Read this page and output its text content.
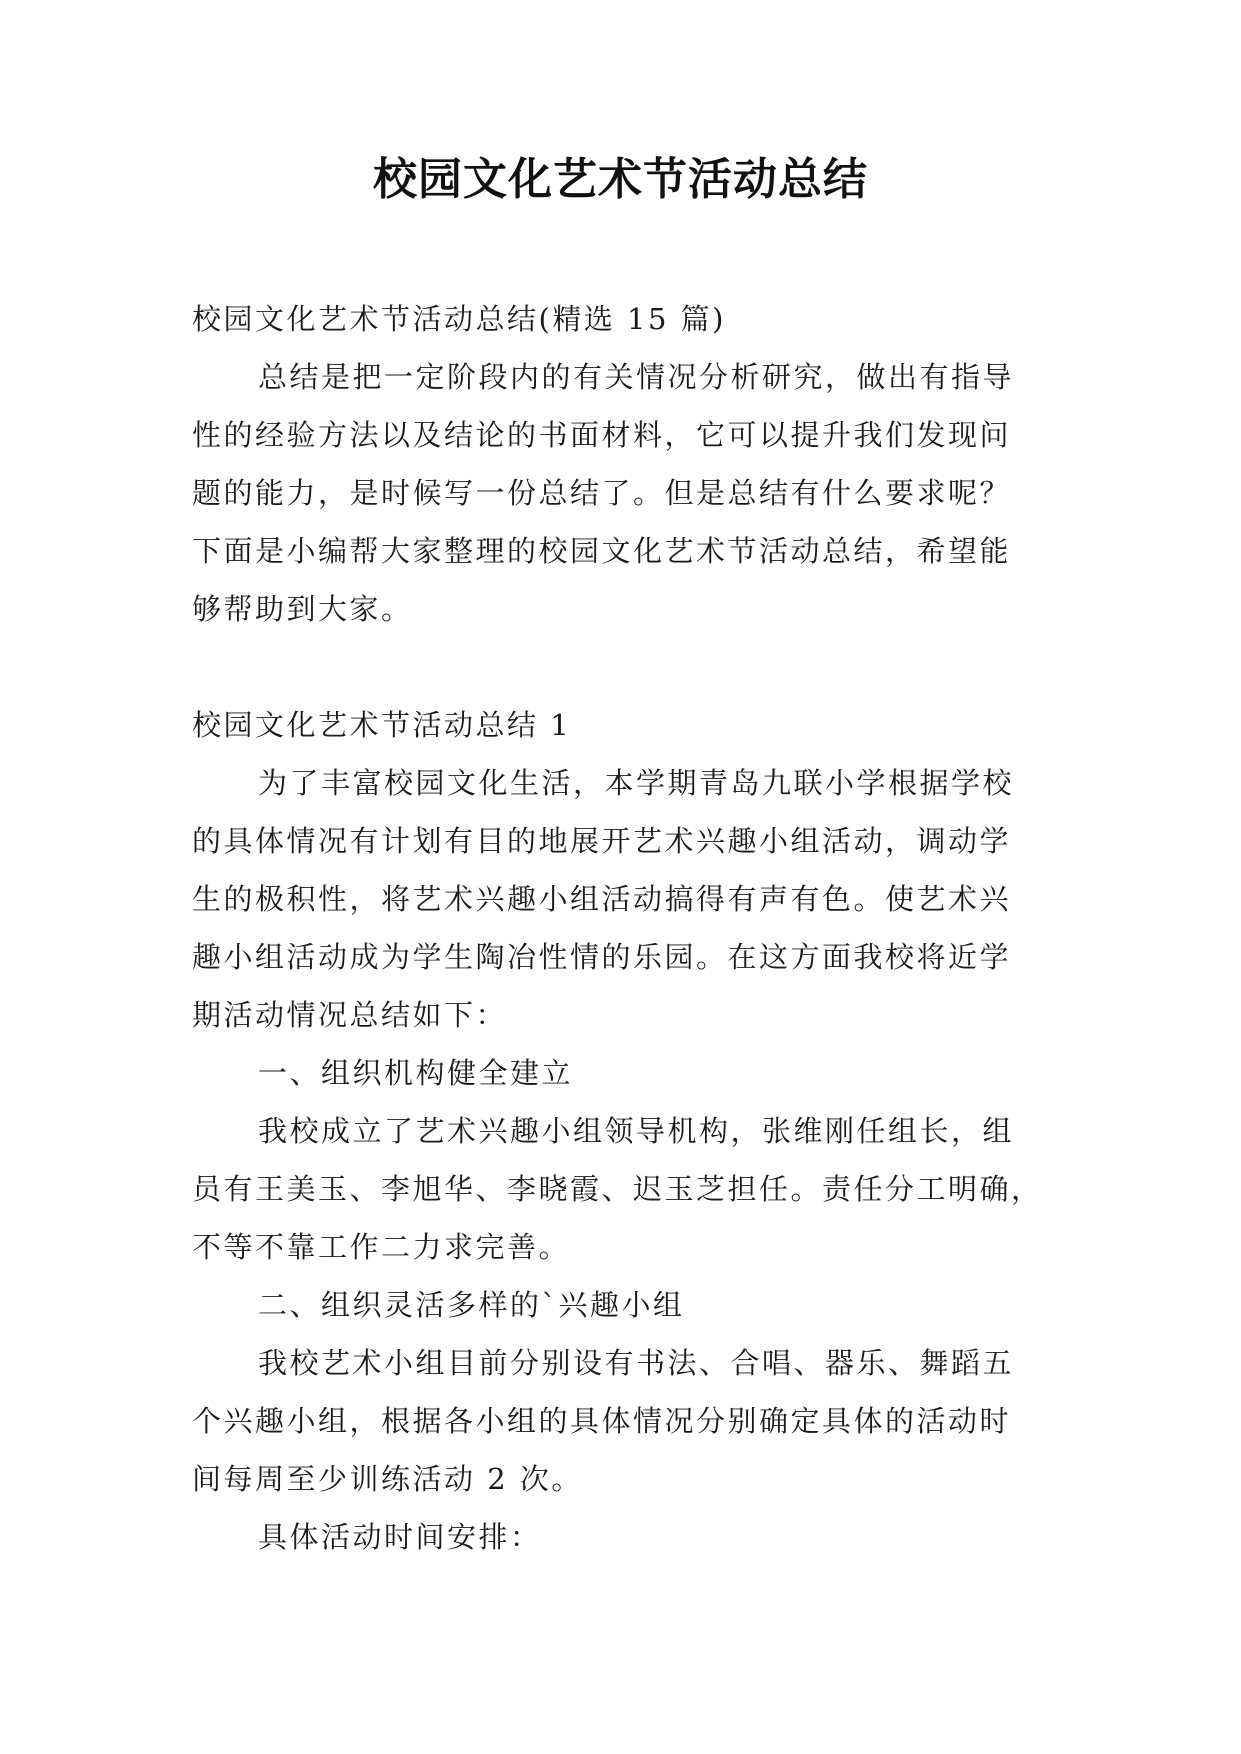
校园文化艺术节活动总结

校园文化艺术节活动总结(精选 15 篇)

总结是把一定阶段内的有关情况分析研究，做出有指导
性的经验方法以及结论的书面材料，它可以提升我们发现问
题的能力，是时候写一份总结了。但是总结有什么要求呢？
下面是小编帮大家整理的校园文化艺术节活动总结，希望能
够帮助到大家。

校园文化艺术节活动总结 1

为了丰富校园文化生活，本学期青岛九联小学根据学校
的具体情况有计划有目的地展开艺术兴趣小组活动，调动学
生的极积性，将艺术兴趣小组活动搞得有声有色。使艺术兴
趣小组活动成为学生陶冶性情的乐园。在这方面我校将近学
期活动情况总结如下：

一、组织机构健全建立

我校成立了艺术兴趣小组领导机构，张维刚任组长，组
员有王美玉、李旭华、李晓霞、迟玉芝担任。责任分工明确，
不等不靠工作二力求完善。

二、组织灵活多样的`兴趣小组

我校艺术小组目前分别设有书法、合唱、器乐、舞蹈五
个兴趣小组，根据各小组的具体情况分别确定具体的活动时
间每周至少训练活动 2 次。

具体活动时间安排：
